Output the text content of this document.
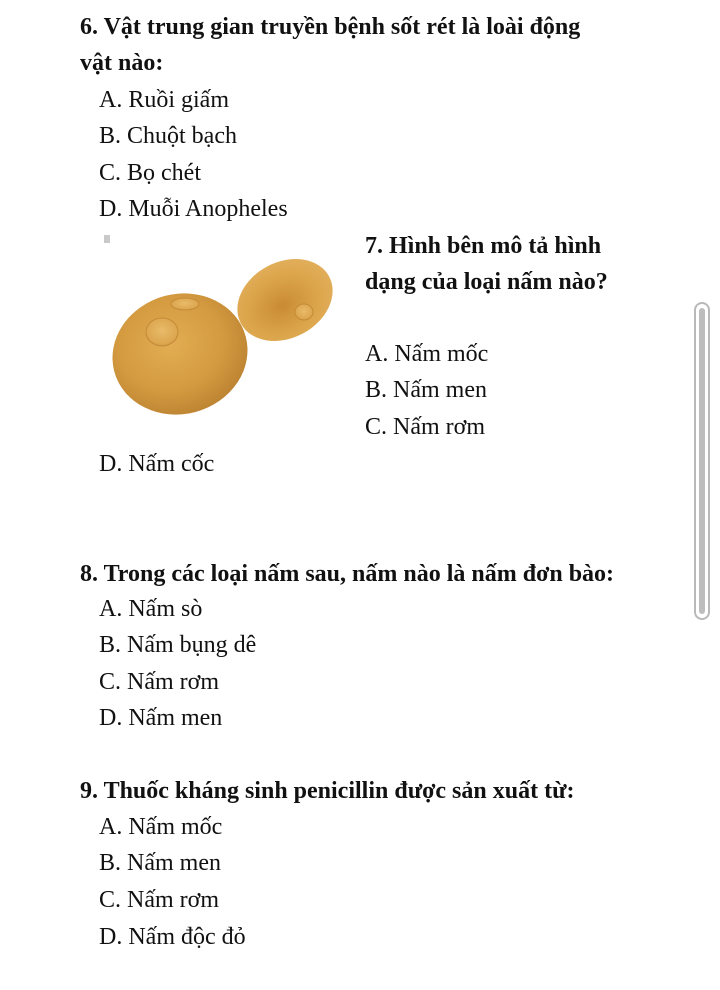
6. Vật trung gian truyền bệnh sốt rét là loài động
vật nào:
A. Ruồi giấm
B. Chuột bạch
C. Bọ chét
D. Muỗi Anopheles
7. Hình bên mô tả hình
dạng của loại nấm nào?
A. Nấm mốc
B. Nấm men
C. Nấm rơm
D. Nấm cốc
8. Trong các loại nấm sau, nấm nào là nấm đơn bào:
A. Nấm sò
B. Nấm bụng dê
C. Nấm rơm
D. Nấm men
9. Thuốc kháng sinh penicillin được sản xuất từ:
A. Nấm mốc
B. Nấm men
C. Nấm rơm
D. Nấm độc đỏ
